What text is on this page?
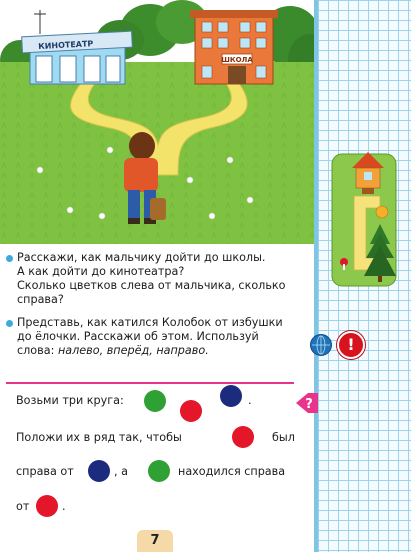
КИНОТЕАТР
ШКОЛА
Расскажи, как мальчику дойти до школы.
А как дойти до кинотеатра?
Сколько цветков слева от мальчика, сколько
справа?
Представь, как катился Колобок от избушки
до ёлочки. Расскажи об этом. Используй
слова: налево, вперёд, направо.
Возьми три круга:	.
Положи их в ряд так, чтобы	был
справа от	, а	находился справа
от	.
7
?
!
